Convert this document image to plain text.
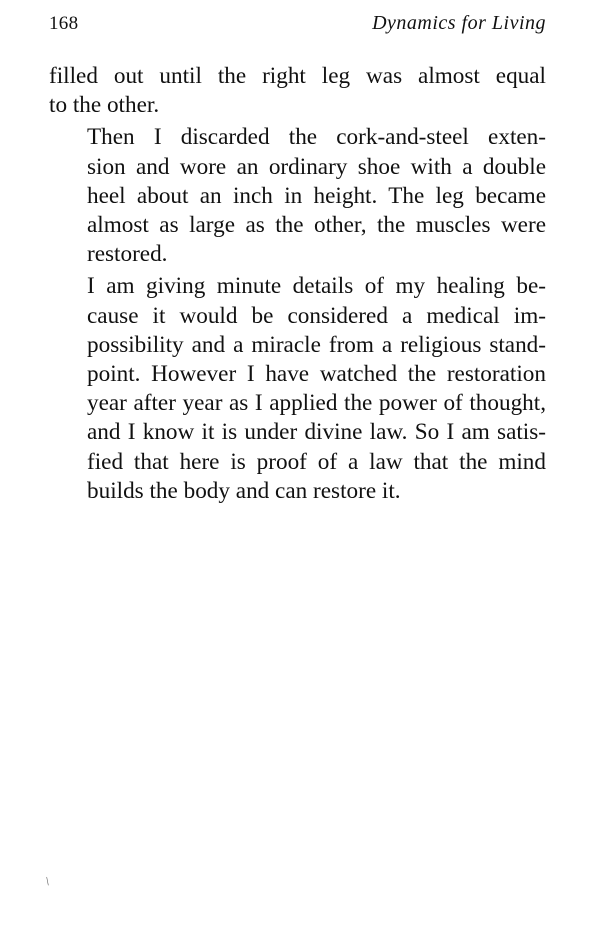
168	Dynamics for Living

filled out until the right leg was almost equal
to the other.

Then I discarded the cork-and-steel exten-
sion and wore an ordinary shoe with a double
heel about an inch in height. The leg became
almost as large as the other, the muscles were
restored.

I am giving minute details of my healing be-
cause it would be considered a medical im-
possibility and a miracle from a religious stand-
point. However I have watched the restoration
year after year as I applied the power of thought,
and I know it is under divine law. So I am satis-
fied that here is proof of a law that the mind
builds the body and can restore it.

/
